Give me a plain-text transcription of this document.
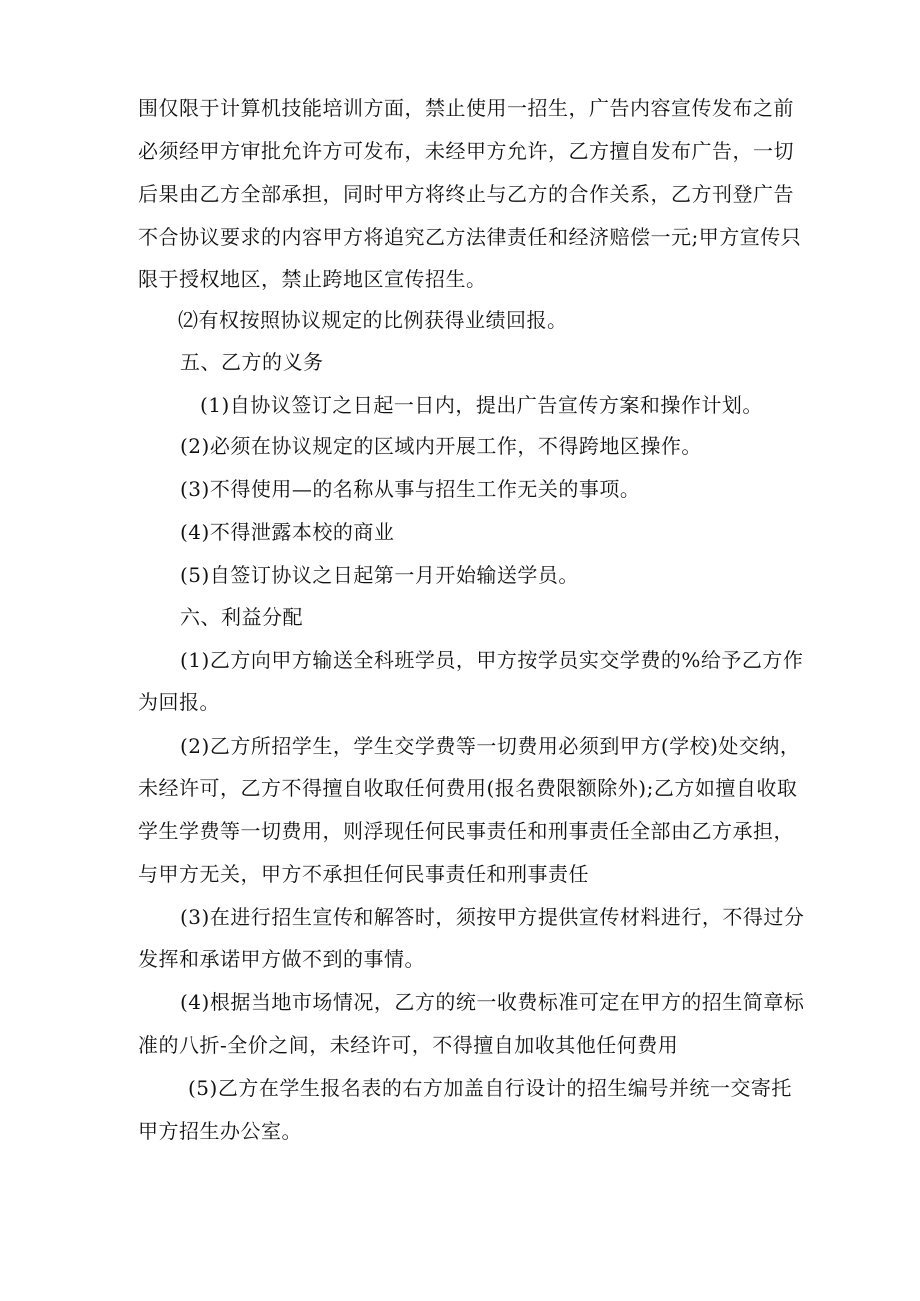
围仅限于计算机技能培训方面，禁止使用一招生，广告内容宣传发布之前
必须经甲方审批允许方可发布，未经甲方允许，乙方擅自发布广告，一切
后果由乙方全部承担，同时甲方将终止与乙方的合作关系，乙方刊登广告
不合协议要求的内容甲方将追究乙方法律责任和经济赔偿一元;甲方宣传只
限于授权地区，禁止跨地区宣传招生。
⑵有权按照协议规定的比例获得业绩回报。
五、乙方的义务
(1)自协议签订之日起一日内，提出广告宣传方案和操作计划。
(2)必须在协议规定的区域内开展工作，不得跨地区操作。
(3)不得使用—的名称从事与招生工作无关的事项。
(4)不得泄露本校的商业
(5)自签订协议之日起第一月开始输送学员。
六、利益分配
(1)乙方向甲方输送全科班学员，甲方按学员实交学费的%给予乙方作
为回报。
(2)乙方所招学生，学生交学费等一切费用必须到甲方(学校)处交纳，
未经许可，乙方不得擅自收取任何费用(报名费限额除外);乙方如擅自收取
学生学费等一切费用，则浮现任何民事责任和刑事责任全部由乙方承担，
与甲方无关，甲方不承担任何民事责任和刑事责任
(3)在进行招生宣传和解答时，须按甲方提供宣传材料进行，不得过分
发挥和承诺甲方做不到的事情。
(4)根据当地市场情况，乙方的统一收费标准可定在甲方的招生简章标
准的八折-全价之间，未经许可，不得擅自加收其他任何费用
(5)乙方在学生报名表的右方加盖自行设计的招生编号并统一交寄托
甲方招生办公室。
